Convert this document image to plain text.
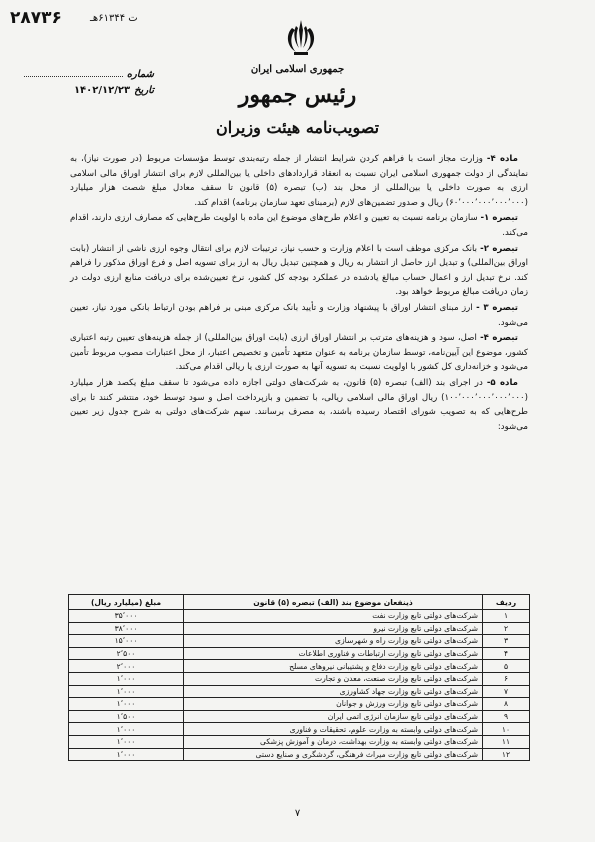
۲۸۷۳۶	ت ۶۱۳۴۴هـ
جمهوری اسلامی ایران
رئیس جمهور
تصویب‌نامه هیئت وزیران
شماره
تاریخ
۱۴۰۲/۱۲/۲۳

ماده ۴- وزارت مجاز است با فراهم کردن شرایط انتشار از جمله رتبه‌بندی توسط مؤسسات مربوط (در صورت نیاز)، به نمایندگی از دولت جمهوری اسلامی ایران نسبت به انعقاد قراردادهای داخلی یا بین‌المللی لازم برای انتشار اوراق مالی اسلامی ارزی به صورت داخلی یا بین‌المللی از محل بند (ب) تبصره (۵) قانون تا سقف معادل مبلغ شصت هزار میلیارد (۶۰٬۰۰۰٬۰۰۰٬۰۰۰٬۰۰۰) ریال و صدور تضمین‌های لازم (برمبنای تعهد سازمان برنامه) اقدام کند.

تبصره ۱- سازمان برنامه نسبت به تعیین و اعلام طرح‌های موضوع این ماده با اولویت طرح‌هایی که مصارف ارزی دارند، اقدام می‌کند.

تبصره ۲- بانک مرکزی موظف است با اعلام وزارت و حسب نیاز، ترتیبات لازم برای انتقال وجوه ارزی ناشی از انتشار (بابت اوراق بین‌المللی) و تبدیل ارز حاصل از انتشار به ریال و همچنین تبدیل ریال به ارز برای تسویه اصل و فرع اوراق مذکور را فراهم کند. نرخ تبدیل ارز و اعمال حساب مبالغ یادشده در عملکرد بودجه کل کشور، نرخ تعیین‌شده برای دریافت منابع ارزی دولت در زمان دریافت مبالغ مربوط خواهد بود.

تبصره ۳ - ارز مبنای انتشار اوراق با پیشنهاد وزارت و تأیید بانک مرکزی مبنی بر فراهم بودن ارتباط بانکی مورد نیاز، تعیین می‌شود.

تبصره ۴- اصل، سود و هزینه‌های مترتب بر انتشار اوراق ارزی (بابت اوراق بین‌المللی) از جمله هزینه‌های تعیین رتبه اعتباری کشور، موضوع این آیین‌نامه، توسط سازمان برنامه به عنوان متعهد تأمین و تخصیص اعتبار، از محل اعتبارات مصوب مربوط تأمین می‌شود و خزانه‌داری کل کشور با اولویت نسبت به تسویه آنها به صورت ارزی یا ریالی اقدام می‌کند.

ماده ۵- در اجرای بند (الف) تبصره (۵) قانون، به شرکت‌های دولتی اجازه داده می‌شود تا سقف مبلغ یکصد هزار میلیارد (۱۰۰٬۰۰۰٬۰۰۰٬۰۰۰٬۰۰۰) ریال اوراق مالی اسلامی ریالی، با تضمین و بازپرداخت اصل و سود توسط خود، منتشر کنند تا برای طرح‌هایی که به تصویب شورای اقتصاد رسیده باشند، به مصرف برسانند. سهم شرکت‌های دولتی به شرح جدول زیر تعیین می‌شود:

ردیف	ذینفعان موضوع بند (الف) تبصره (۵) قانون	مبلغ (میلیارد ریال)
۱	شرکت‌های دولتی تابع وزارت نفت	۳۵٬۰۰۰
۲	شرکت‌های دولتی تابع وزارت نیرو	۳۸٬۰۰۰
۳	شرکت‌های دولتی تابع وزارت راه و شهرسازی	۱۵٬۰۰۰
۴	شرکت‌های دولتی تابع وزارت ارتباطات و فناوری اطلاعات	۲٬۵۰۰
۵	شرکت‌های دولتی تابع وزارت دفاع و پشتیبانی نیروهای مسلح	۲٬۰۰۰
۶	شرکت‌های دولتی تابع وزارت صنعت، معدن و تجارت	۱٬۰۰۰
۷	شرکت‌های دولتی تابع وزارت جهاد کشاورزی	۱٬۰۰۰
۸	شرکت‌های دولتی تابع وزارت ورزش و جوانان	۱٬۰۰۰
۹	شرکت‌های دولتی تابع سازمان انرژی اتمی ایران	۱٬۵۰۰
۱۰	شرکت‌های دولتی وابسته به وزارت علوم، تحقیقات و فناوری	۱٬۰۰۰
۱۱	شرکت‌های دولتی وابسته به وزارت بهداشت، درمان و آموزش پزشکی	۱٬۰۰۰
۱۲	شرکت‌های دولتی تابع وزارت میراث فرهنگی، گردشگری و صنایع دستی	۱٬۰۰۰
۷
